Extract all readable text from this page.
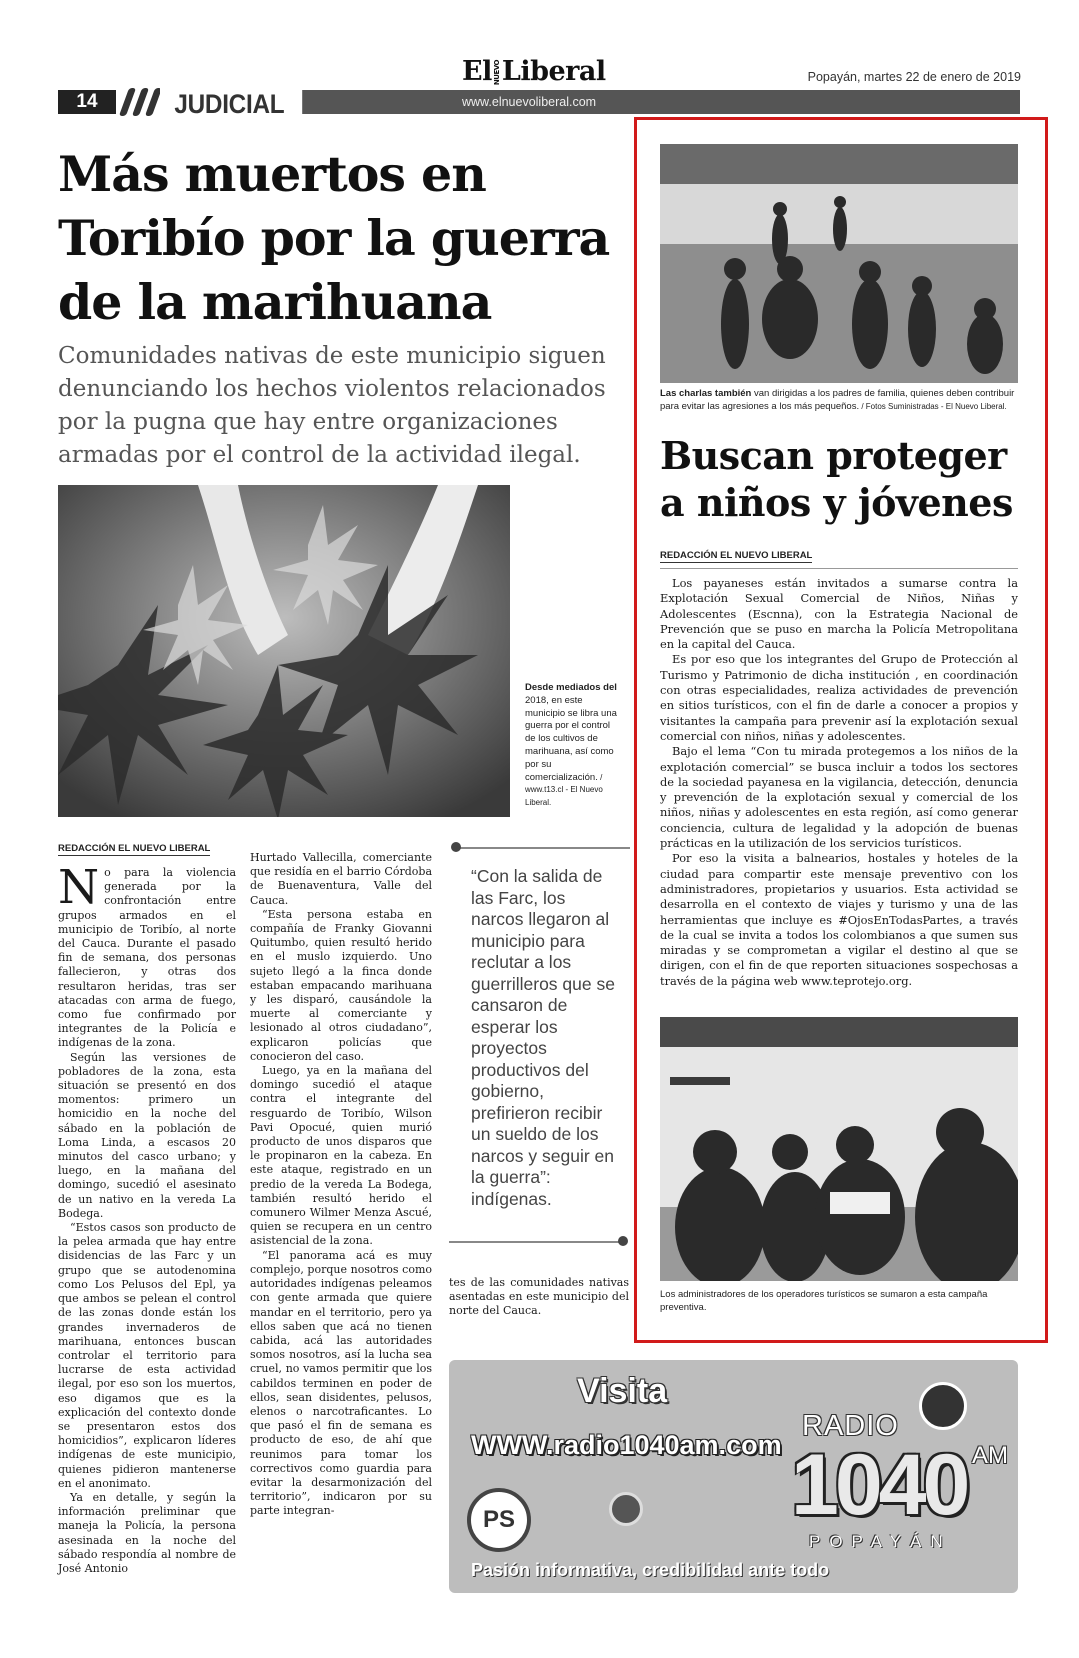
ElNUEVOLiberal	Popayán, martes 22 de enero de 2019
14	JUDICIAL	www.elnuevoliberal.com
Más muertos en Toribío por la guerra de la marihuana
Comunidades nativas de este municipio siguen denunciando los hechos violentos relacionados por la pugna que hay entre organizaciones armadas por el control de la actividad ilegal.
Desde mediados del 2018, en este municipio se libra una guerra por el control de los cultivos de marihuana, así como por su comercialización. / www.t13.cl - El Nuevo Liberal.
REDACCIÓN EL NUEVO LIBERAL

No para la violencia generada por la confrontación entre grupos armados en el municipio de Toribío, al norte del Cauca. Durante el pasado fin de semana, dos personas fallecieron, y otras dos resultaron heridas, tras ser atacadas con arma de fuego, como fue confirmado por integrantes de la Policía e indígenas de la zona.

Según las versiones de pobladores de la zona, esta situación se presentó en dos momentos: primero un homicidio en la noche del sábado en la población de Loma Linda, a escasos 20 minutos del casco urbano; y luego, en la mañana del domingo, sucedió el asesinato de un nativo en la vereda La Bodega.

“Estos casos son producto de la pelea armada que hay entre disidencias de las Farc y un grupo que se autodenomina como Los Pelusos del Epl, ya que ambos se pelean el control de las zonas donde están los grandes invernaderos de marihuana, entonces buscan controlar el territorio para lucrarse de esta actividad ilegal, por eso son los muertos, eso digamos que es la explicación del contexto donde se presentaron estos dos homicidios”, explicaron líderes indígenas de este municipio, quienes pidieron mantenerse en el anonimato.

Ya en detalle, y según la información preliminar que maneja la Policía, la persona asesinada en la noche del sábado respondía al nombre de José Antonio

Hurtado Vallecilla, comerciante que residía en el barrio Córdoba de Buenaventura, Valle del Cauca.

“Esta persona estaba en compañía de Franky Giovanni Quitumbo, quien resultó herido en el muslo izquierdo. Uno sujeto llegó a la finca donde estaban empacando marihuana y les disparó, causándole la muerte al comerciante y lesionado al otros ciudadano”, explicaron policías que conocieron del caso.

Luego, ya en la mañana del domingo sucedió el ataque contra el integrante del resguardo de Toribío, Wilson Pavi Opocué, quien murió producto de unos disparos que le propinaron en la cabeza. En este ataque, registrado en un predio de la vereda La Bodega, también resultó herido el comunero Wilmer Menza Ascué, quien se recupera en un centro asistencial de la zona.

“El panorama acá es muy complejo, porque nosotros como autoridades indígenas peleamos con gente armada que quiere mandar en el territorio, pero ya ellos saben que acá no tienen cabida, acá las autoridades somos nosotros, así la lucha sea cruel, no vamos permitir que los cabildos terminen en poder de ellos, sean disidentes, pelusos, elenos o narcotraficantes. Lo que pasó el fin de semana es producto de eso, de ahí que reunimos para tomar los correctivos como guardia para evitar la desarmonización del territorio”, indicaron por su parte integran-

“Con la salida de las Farc, los narcos llegaron al municipio para reclutar a los guerrilleros que se cansaron de esperar los proyectos productivos del gobierno, prefirieron recibir un sueldo de los narcos y seguir en la guerra”: indígenas.

tes de las comunidades nativas asentadas en este municipio del norte del Cauca.

Las charlas también van dirigidas a los padres de familia, quienes deben contribuir para evitar las agresiones a los más pequeños. / Fotos Suministradas - El Nuevo Liberal.
Buscan proteger a niños y jóvenes
REDACCIÓN EL NUEVO LIBERAL

Los payaneses están invitados a sumarse contra la Explotación Sexual Comercial de Niños, Niñas y Adolescentes (Escnna), con la Estrategia Nacional de Prevención que se puso en marcha la Policía Metropolitana en la capital del Cauca.

Es por eso que los integrantes del Grupo de Protección al Turismo y Patrimonio de dicha institución , en coordinación con otras especialidades, realiza actividades de prevención en sitios turísticos, con el fin de darle a conocer a propios y visitantes la campaña para prevenir así la explotación sexual comercial con niños, niñas y adolescentes.

Bajo el lema “Con tu mirada protegemos a los niños de la explotación comercial” se busca incluir a todos los sectores de la sociedad payanesa en la vigilancia, detección, denuncia y prevención de la explotación sexual y comercial de los niños, niñas y adolescentes en esta región, así como generar conciencia, cultura de legalidad y la adopción de buenas prácticas en la utilización de los servicios turísticos.

Por eso la visita a balnearios, hostales y hoteles de la ciudad para compartir este mensaje preventivo con los administradores, propietarios y usuarios. Esta actividad se desarrolla en el contexto de viajes y turismo y una de las herramientas que incluye es #OjosEnTodasPartes, a través de la cual se invita a todos los colombianos a que sumen sus miradas y se comprometan a vigilar el destino al que se dirigen, con el fin de que reporten situaciones sospechosas a través de la página web www.teprotejo.org.

Los administradores de los operadores turísticos se sumaron a esta campaña preventiva.
Visita
WWW.radio1040am.com
RADIO
1040 AM
POPAYÁN
PS
Pasión informativa, credibilidad ante todo
